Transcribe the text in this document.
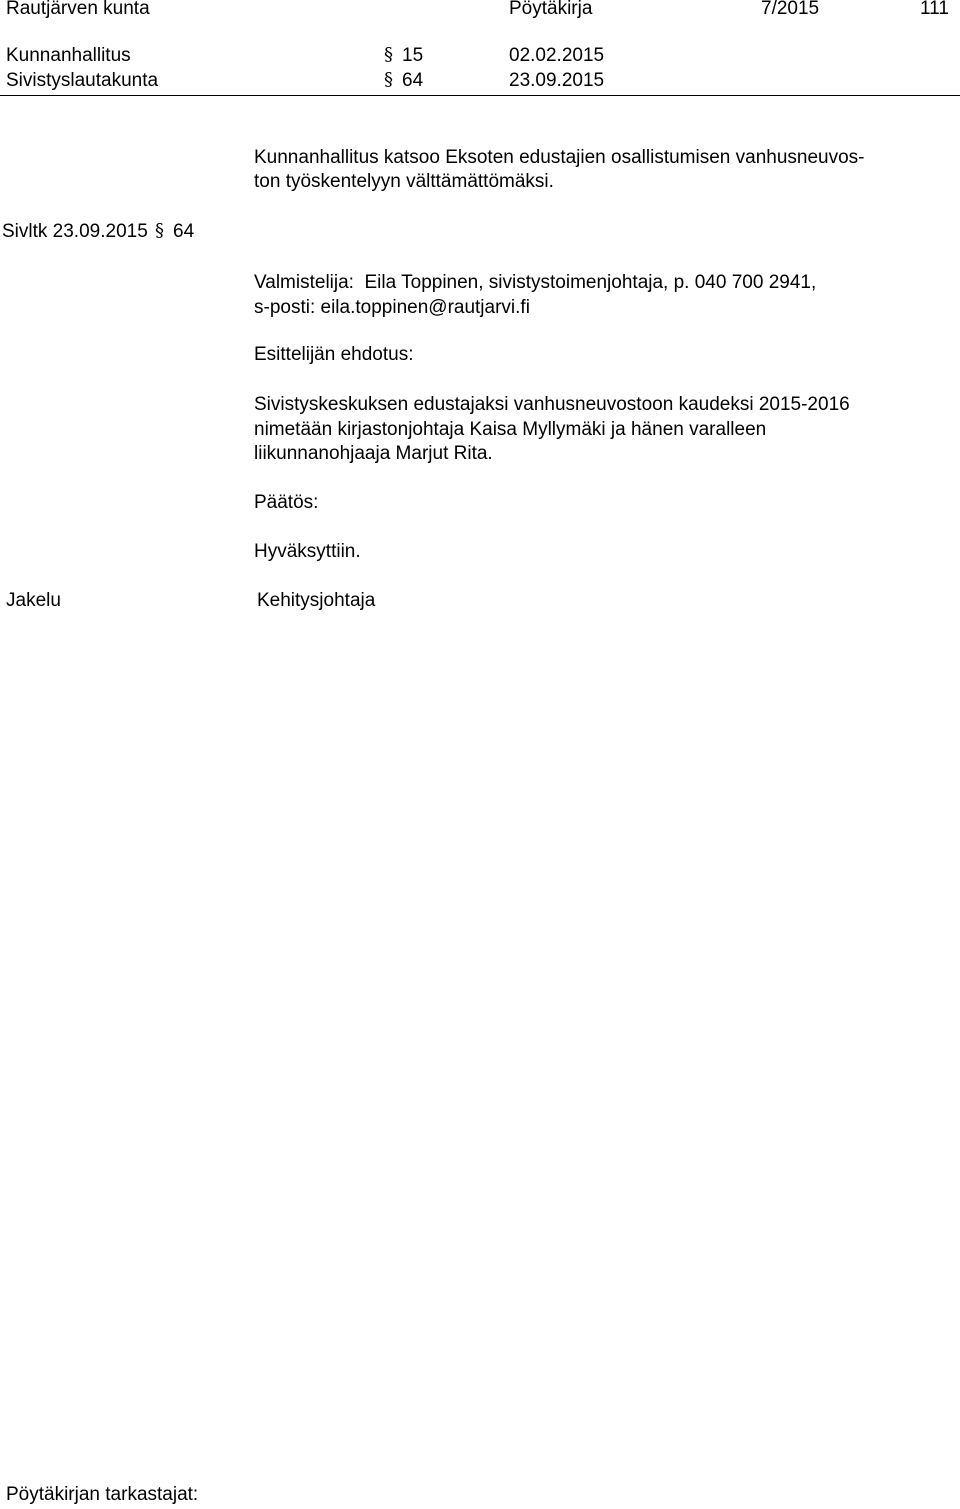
Rautjärven kunta	Pöytäkirja	7/2015	111
Kunnanhallitus	§ 15	02.02.2015
Sivistyslautakunta	§ 64	23.09.2015
Kunnanhallitus katsoo Eksoten edustajien osallistumisen vanhusneuvos-
ton työskentelyyn välttämättömäksi.
Sivltk 23.09.2015 § 64
Valmistelija:  Eila Toppinen, sivistystoimenjohtaja, p. 040 700 2941,
s-posti: eila.toppinen@rautjarvi.fi
Esittelijän ehdotus:
Sivistyskeskuksen edustajaksi vanhusneuvostoon kaudeksi 2015-2016
nimetään kirjastonjohtaja Kaisa Myllymäki ja hänen varalleen
liikunnanohjaaja Marjut Rita.
Päätös:
Hyväksyttiin.
Jakelu	Kehitysjohtaja
Pöytäkirjan tarkastajat:
